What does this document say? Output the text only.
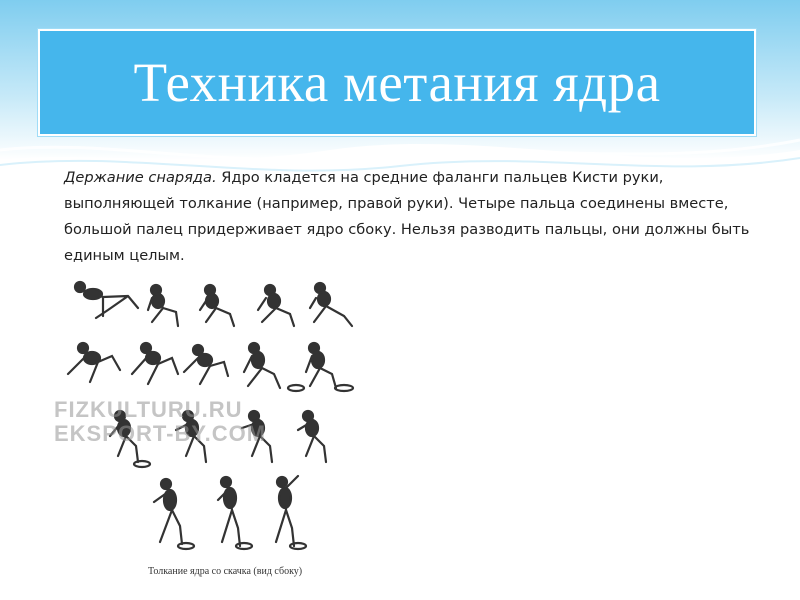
Техника метания ядра

Держание снаряда. Ядро кладется на средние фаланги пальцев Кисти руки, выполняющей толкание (например, правой руки). Четыре пальца соединены вместе, большой палец придерживает ядро сбоку. Нельзя разводить пальцы, они должны быть единым целым.

FIZKULTURU.RU
EKSPORT-BY.COM
Толкание ядра со скачка (вид сбоку)
